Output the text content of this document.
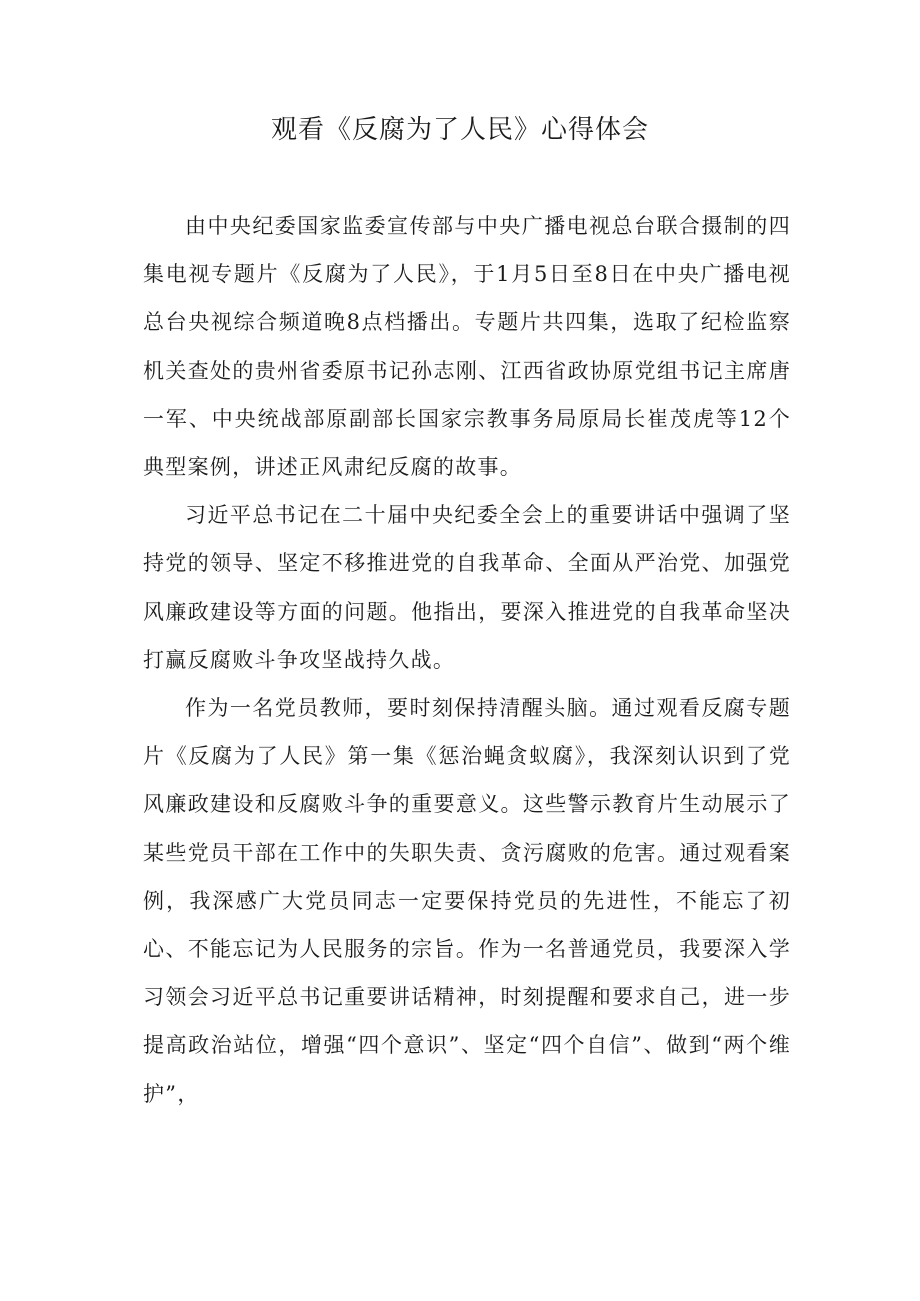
观看《反腐为了人民》心得体会

由中央纪委国家监委宣传部与中央广播电视总台联合摄制的四集电视专题片《反腐为了人民》，于1月5日至8日在中央广播电视总台央视综合频道晚8点档播出。专题片共四集，选取了纪检监察机关查处的贵州省委原书记孙志刚、江西省政协原党组书记主席唐一军、中央统战部原副部长国家宗教事务局原局长崔茂虎等12个典型案例，讲述正风肃纪反腐的故事。

习近平总书记在二十届中央纪委全会上的重要讲话中强调了坚持党的领导、坚定不移推进党的自我革命、全面从严治党、加强党风廉政建设等方面的问题。他指出，要深入推进党的自我革命坚决打赢反腐败斗争攻坚战持久战。

作为一名党员教师，要时刻保持清醒头脑。通过观看反腐专题片《反腐为了人民》第一集《惩治蝇贪蚁腐》，我深刻认识到了党风廉政建设和反腐败斗争的重要意义。这些警示教育片生动展示了某些党员干部在工作中的失职失责、贪污腐败的危害。通过观看案例，我深感广大党员同志一定要保持党员的先进性，不能忘了初心、不能忘记为人民服务的宗旨。作为一名普通党员，我要深入学习领会习近平总书记重要讲话精神，时刻提醒和要求自己，进一步提高政治站位，增强“四个意识”、坚定“四个自信”、做到“两个维护”，
